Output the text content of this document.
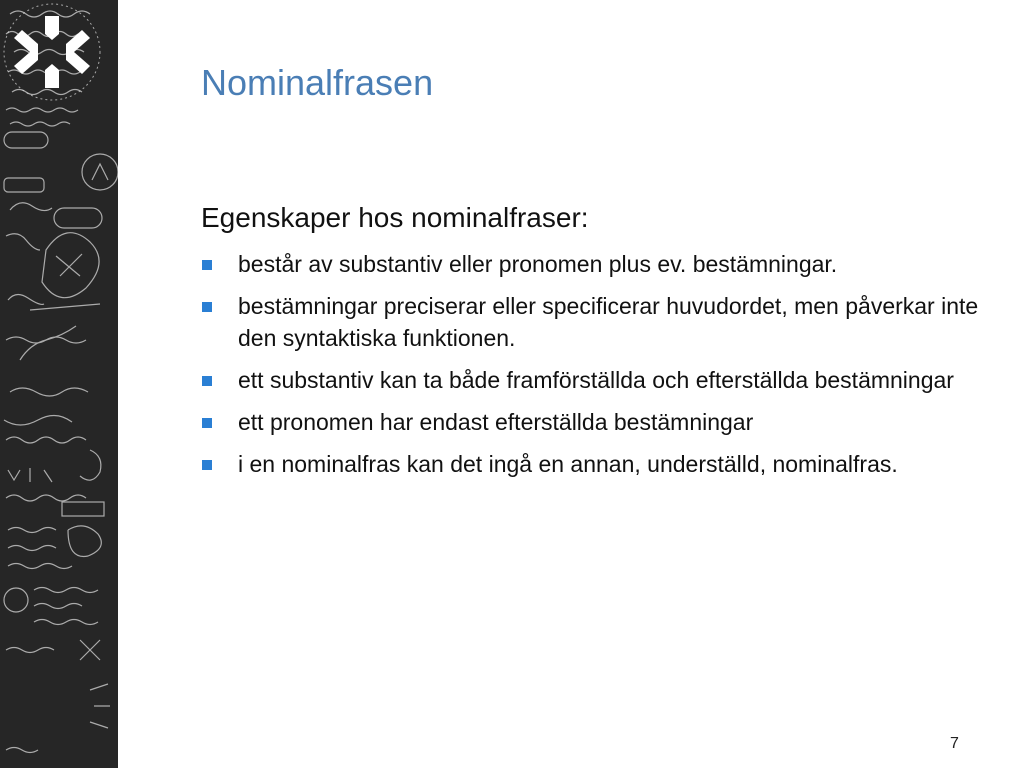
Nominalfrasen

Egenskaper hos nominalfraser:

består av substantiv eller pronomen plus ev. bestämningar.
bestämningar preciserar eller specificerar huvudordet, men påverkar inte den syntaktiska funktionen.
ett substantiv kan ta både framförställda och efterställda bestämningar
ett pronomen har endast efterställda bestämningar
i en nominalfras kan det ingå en annan, underställd, nominalfras.
7
